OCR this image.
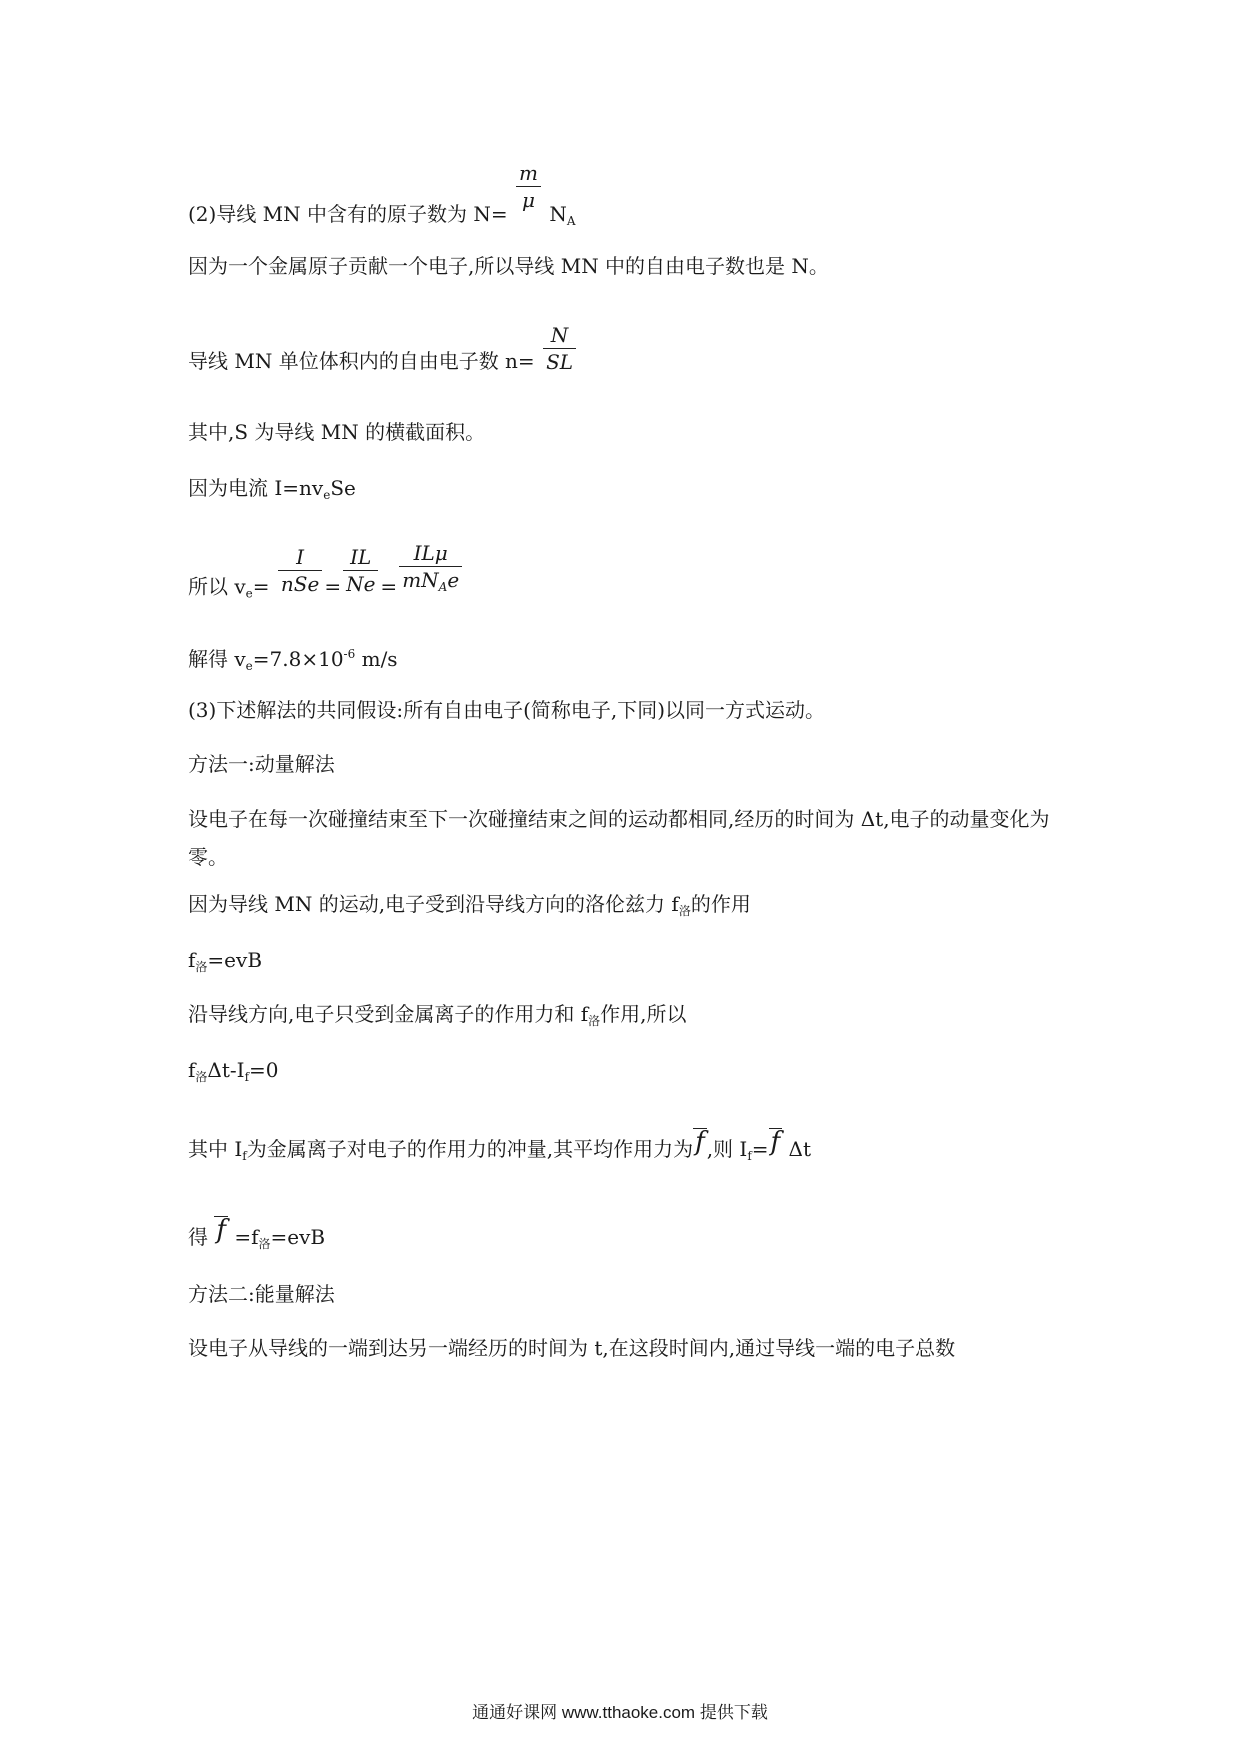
(2)导线 MN 中含有的原子数为 N=
$\frac{m}{\mu}$
$N_A$
因为一个金属原子贡献一个电子,所以导线 MN 中的自由电子数也是 N。
导线 MN 单位体积内的自由电子数 $n= \frac{N}{SL}$
其中,S 为导线 MN 的横截面积。
因为电流 $I=nv_eSe$
所以 $v_e= \frac{I}{\text{nSe}} = \frac{IL}{Ne} = \frac{\text{ILμ}}{mN_Ae}$
解得 $v_e=7.8\times 10^{-6}$ m/s
(3)下述解法的共同假设:所有自由电子(简称电子,下同)以同一方式运动。
方法一:动量解法
设电子在每一次碰撞结束至下一次碰撞结束之间的运动都相同,经历的时间为 Δt,电子的动量变化为零。
因为导线 MN 的运动,电子受到沿导线方向的洛伦兹力 $f_洛$的作用
$f_洛=evB$
沿导线方向,电子只受到金属离子的作用力和 $f_洛$作用,所以
$f_洛\Delta t-I_f=0$
其中 $I_f$为金属离子对电子的作用力的冲量,其平均作用力为f ,则 $I_f=f$ Δt
得 $f =f_洛=evB$
方法二:能量解法
设电子从导线的一端到达另一端经历的时间为 t,在这段时间内,通过导线一端的电子总数
通通好课网 www.tthaoke.com 提供下载
